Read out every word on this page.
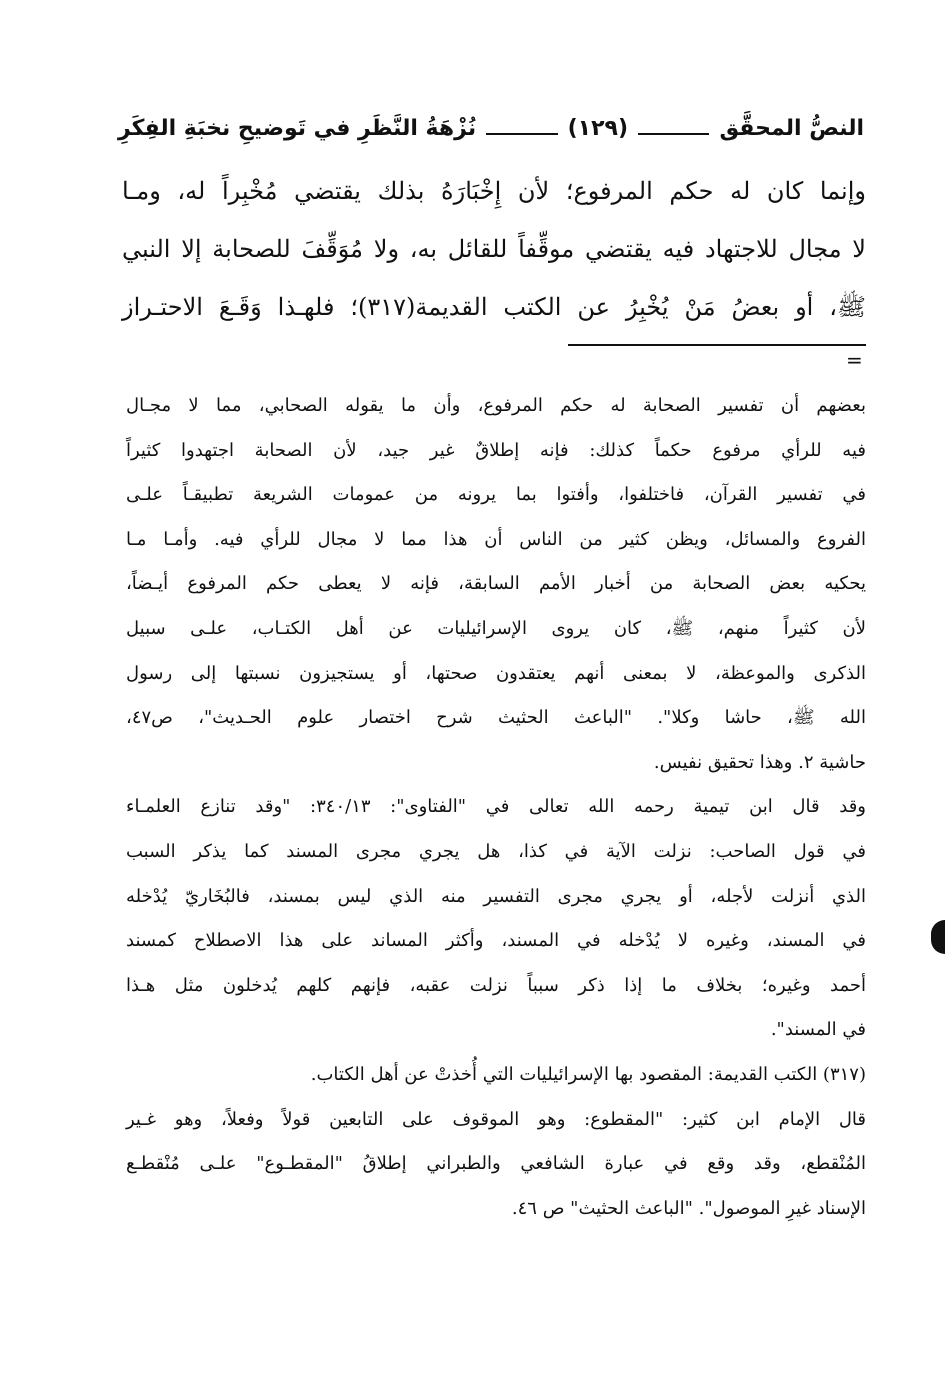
النصُّ المحقَّق
(١٢٩)
نُزْهَةُ النَّظَرِ في تَوضيحِ نخبَةِ الفِكَرِ
وإنما كان له حكم المرفوع؛ لأن إِخْبَارَهُ بذلك يقتضي مُخْبِراً له، ومـا
لا مجال للاجتهاد فيه يقتضي موقِّفاً للقائل به، ولا مُوَقِّفَ للصحابة إلا النبي
ﷺ، أو بعضُ مَنْ يُخْبِرُ عن الكتب القديمة(٣١٧)؛ فلهـذا وَقَـعَ الاحتـراز
=
بعضهم أن تفسير الصحابة له حكم المرفوع، وأن ما يقوله الصحابي، مما لا مجـال
فيه للرأي مرفوع حكماً كذلك: فإنه إطلاقٌ غير جيد، لأن الصحابة اجتهدوا كثيراً
في تفسير القرآن، فاختلفوا، وأفتوا بما يرونه من عمومات الشريعة تطبيقـاً علـى
الفروع والمسائل، ويظن كثير من الناس أن هذا مما لا مجال للرأي فيه. وأمـا مـا
يحكيه بعض الصحابة من أخبار الأمم السابقة، فإنه لا يعطى حكم المرفوع أيـضاً،
لأن كثيراً منهم، ﷺ، كان يروى الإسرائيليات عن أهل الكتـاب، علـى سبيل
الذكرى والموعظة، لا بمعنى أنهم يعتقدون صحتها، أو يستجيزون نسبتها إلى رسول
الله ﷺ، حاشا وكلا". "الباعث الحثيث شرح اختصار علوم الحـديث"، ص٤٧،
حاشية ٢. وهذا تحقيق نفيس.
وقد قال ابن تيمية رحمه الله تعالى في "الفتاوى": ٣٤٠/١٣: "وقد تنازع العلمـاء
في قول الصاحب: نزلت الآية في كذا، هل يجري مجرى المسند كما يذكر السبب
الذي أنزلت لأجله، أو يجري مجرى التفسير منه الذي ليس بمسند، فالبُخَاريّ يُدْخله
في المسند، وغيره لا يُدْخله في المسند، وأكثر المساند على هذا الاصطلاح كمسند
أحمد وغيره؛ بخلاف ما إذا ذكر سبباً نزلت عقبه، فإنهم كلهم يُدخلون مثل هـذا
في المسند".
(٣١٧) الكتب القديمة: المقصود بها الإسرائيليات التي أُخذتْ عن أهل الكتاب.
قال الإمام ابن كثير: "المقطوع: وهو الموقوف على التابعين قولاً وفعلاً، وهو غـير
المُنْقطع، وقد وقع في عبارة الشافعي والطبراني إطلاقُ "المقطـوع" علـى مُنْقطـع
الإسناد غيرِ الموصول". "الباعث الحثيث" ص ٤٦.
